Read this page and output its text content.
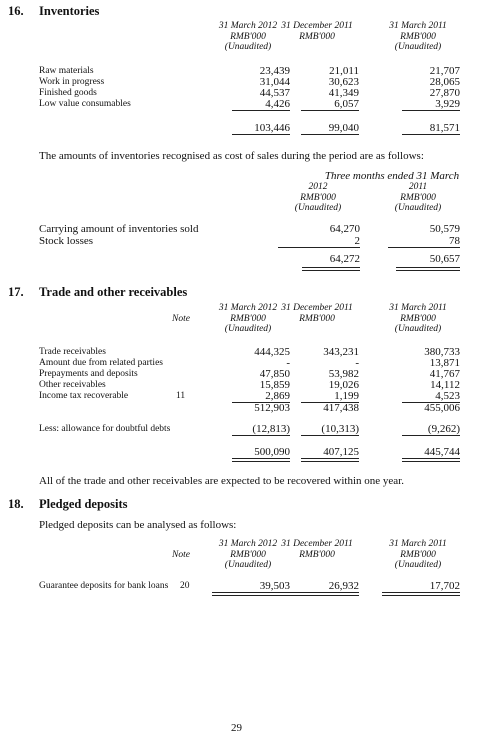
16. Inventories
31 March 2012
RMB'000
(Unaudited)
31 December 2011
RMB'000
31 March 2011
RMB'000
(Unaudited)
Raw materials	23,439	21,011	21,707
Work in progress	31,044	30,623	28,065
Finished goods	44,537	41,349	27,870
Low value consumables	4,426	6,057	3,929
103,446	99,040	81,571
The amounts of inventories recognised as cost of sales during the period are as follows:
Three months ended 31 March
2012
RMB'000
(Unaudited)
2011
RMB'000
(Unaudited)
Carrying amount of inventories sold	64,270	50,579
Stock losses	2	78
64,272	50,657
17. Trade and other receivables
Note
31 March 2012
RMB'000
(Unaudited)
31 December 2011
RMB'000
31 March 2011
RMB'000
(Unaudited)
Trade receivables	444,325	343,231	380,733
Amount due from related parties	-	-	13,871
Prepayments and deposits	47,850	53,982	41,767
Other receivables	15,859	19,026	14,112
Income tax recoverable	11	2,869	1,199	4,523
512,903	417,438	455,006
Less: allowance for doubtful debts	(12,813)	(10,313)	(9,262)
500,090	407,125	445,744
All of the trade and other receivables are expected to be recovered within one year.
18. Pledged deposits
Pledged deposits can be analysed as follows:
Note
31 March 2012
RMB'000
(Unaudited)
31 December 2011
RMB'000
31 March 2011
RMB'000
(Unaudited)
Guarantee deposits for bank loans	20	39,503	26,932	17,702
29
